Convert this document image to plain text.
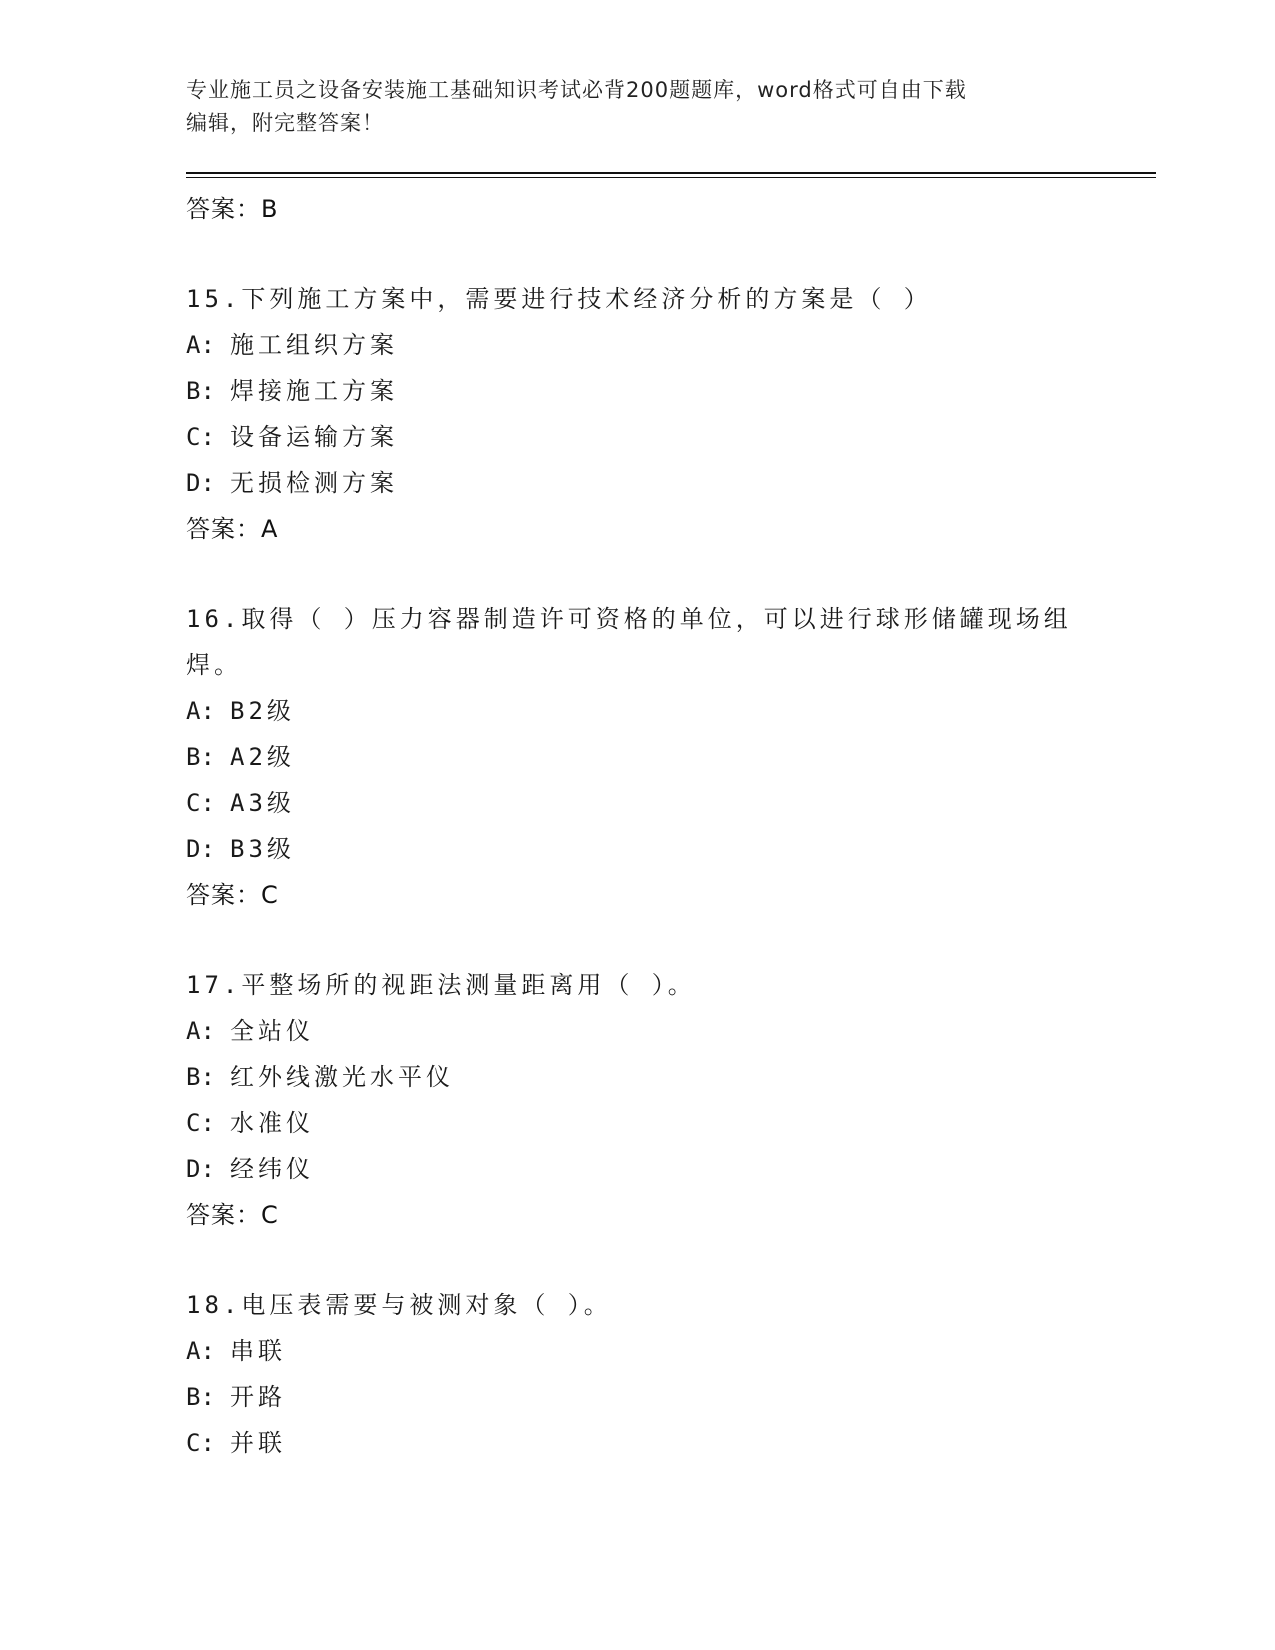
专业施工员之设备安装施工基础知识考试必背200题题库，word格式可自由下载
编辑，附完整答案！
答案：B
15.下列施工方案中，需要进行技术经济分析的方案是（ ）
A: 施工组织方案
B: 焊接施工方案
C: 设备运输方案
D: 无损检测方案
答案：A
16.取得（ ）压力容器制造许可资格的单位，可以进行球形储罐现场组焊。
A: B2级
B: A2级
C: A3级
D: B3级
答案：C
17.平整场所的视距法测量距离用（ ）。
A: 全站仪
B: 红外线激光水平仪
C: 水准仪
D: 经纬仪
答案：C
18.电压表需要与被测对象（ ）。
A: 串联
B: 开路
C: 并联
